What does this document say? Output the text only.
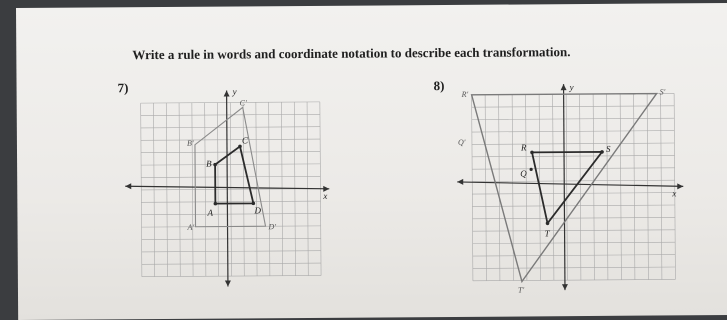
Write a rule in words and coordinate notation to describe each transformation.
7)	8)
y
x
B'
A'	D'
C'
B
A	D
C
y
x
R'	S'
T'
Q'
R	S
T
Q
